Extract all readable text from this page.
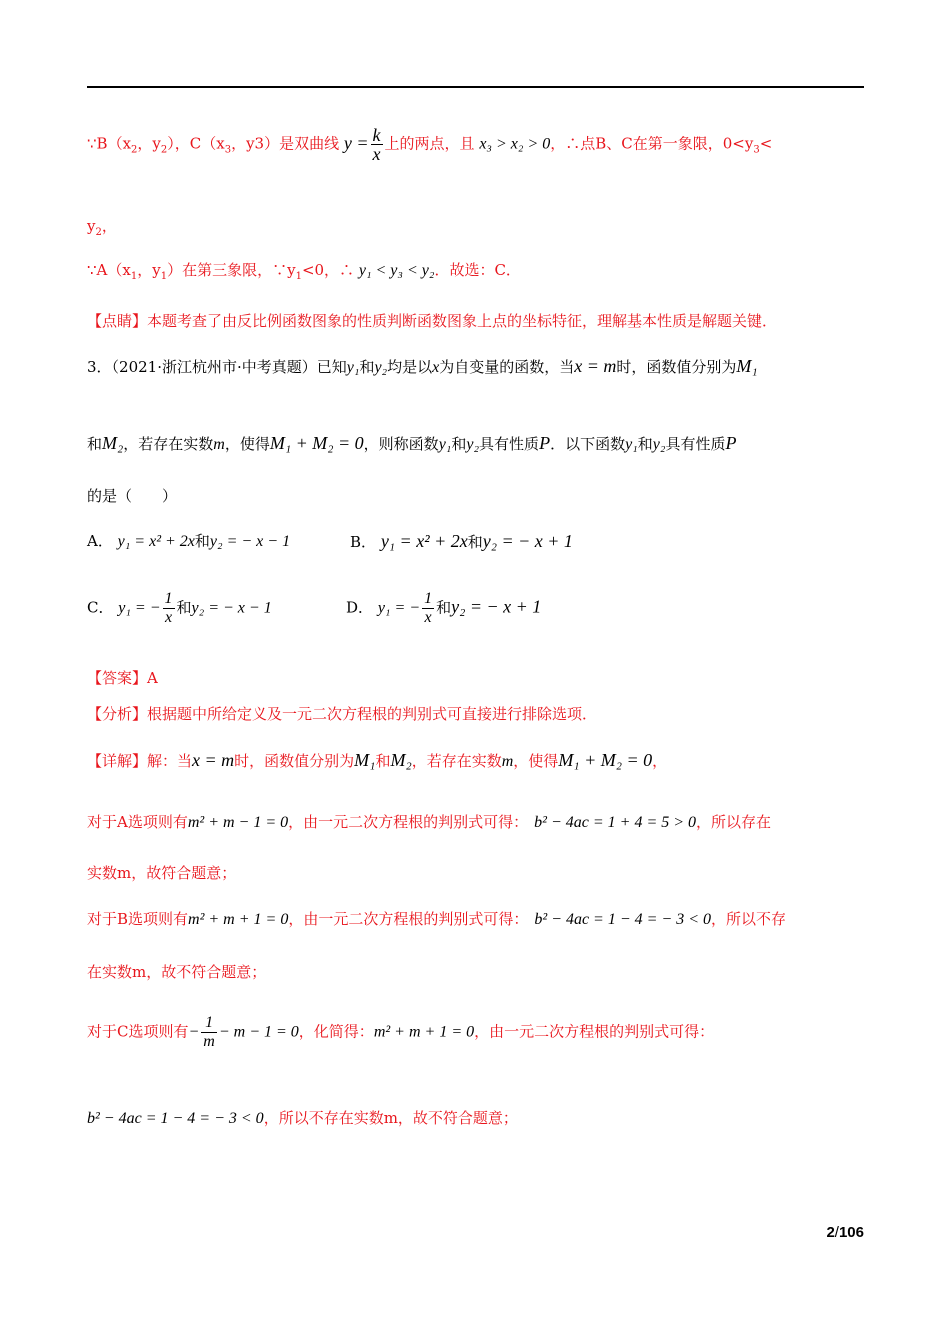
$\because B(x_2$，$y_2$），$C(x_3$，y3）是双曲线 $y = \frac{k}{x}$ 上的两点，且 x₃ > x₂ > 0，∴点B、C在第一象限，$0<y_3<$
$y_2$，
$\because A(x_1$，$y_1$）在第三象限，$\because y_1<0$，∴ y₁ < y₃ < y₂．故选：C．
【点睛】本题考查了由反比例函数图象的性质判断函数图象上点的坐标特征，理解基本性质是解题关键．
3．（2021·浙江杭州市·中考真题）已知y₁和y₂均是以x为自变量的函数，当x = m时，函数值分别为M₁
和M₂，若存在实数m，使得M₁ + M₂ = 0，则称函数y₁和y₂具有性质P．以下函数y₁和y₂具有性质P
的是（　　）
A． y₁ = x² + 2x和y₂ = − x − 1	B． y₁ = x² + 2x和y₂ = − x + 1
C． y₁ = − $\frac{1}{x}$ 和y₂ = − x − 1	D． y₁ = − $\frac{1}{x}$ 和y₂ = − x + 1
【答案】A
【分析】根据题中所给定义及一元二次方程根的判别式可直接进行排除选项．
【详解】解：当x = m时，函数值分别为M₁和M₂，若存在实数m，使得M₁ + M₂ = 0，
对于A选项则有m² + m − 1 = 0，由一元二次方程根的判别式可得： b² − 4ac = 1 + 4 = 5 > 0，所以存在
实数m，故符合题意；
对于B选项则有m² + m + 1 = 0，由一元二次方程根的判别式可得： b² − 4ac = 1 − 4 = − 3 < 0，所以不存
在实数m，故不符合题意；
对于C选项则有− $\frac{1}{m} - m - 1 = 0$，化简得：m² + m + 1 = 0，由一元二次方程根的判别式可得：
b² − 4ac = 1 − 4 = − 3 < 0，所以不存在实数m，故不符合题意；
2/106
